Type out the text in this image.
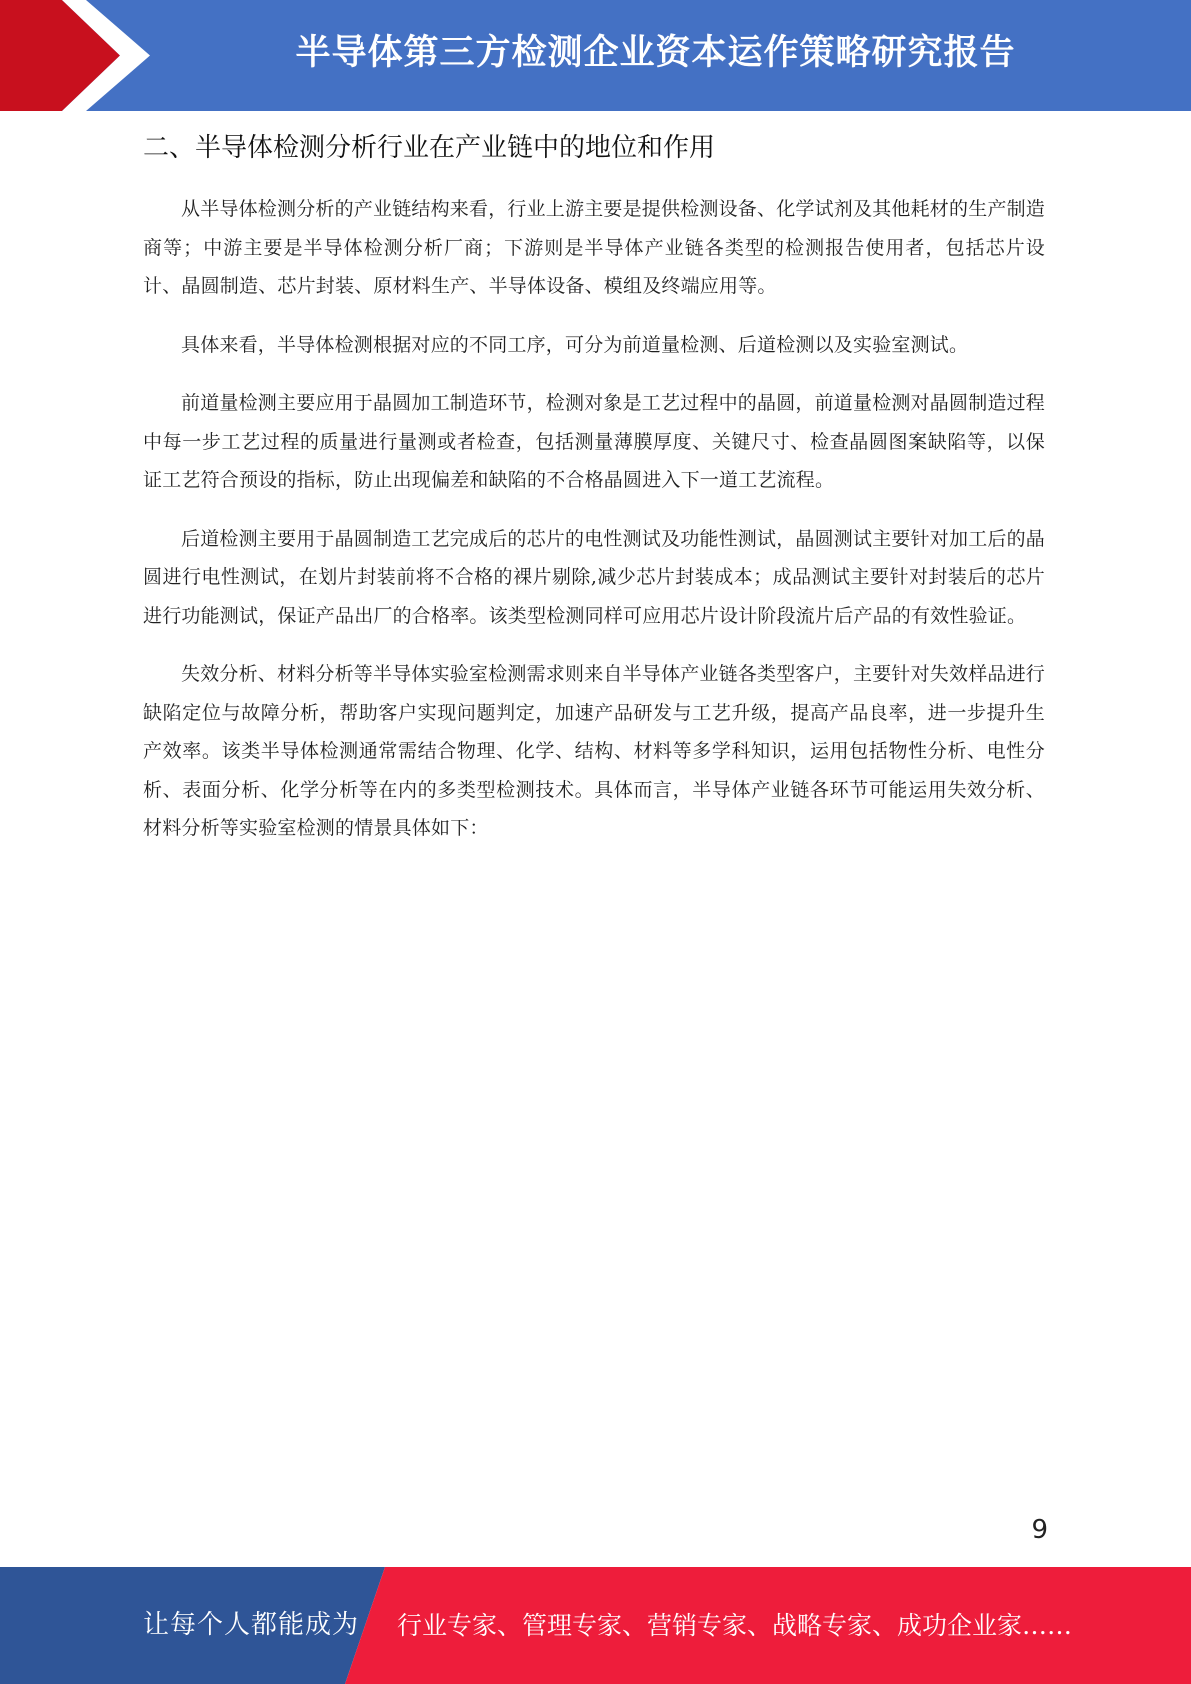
半导体第三方检测企业资本运作策略研究报告
二、半导体检测分析行业在产业链中的地位和作用

从半导体检测分析的产业链结构来看，行业上游主要是提供检测设备、化学试剂及其他耗材的生产制造商等；中游主要是半导体检测分析厂商；下游则是半导体产业链各类型的检测报告使用者，包括芯片设计、晶圆制造、芯片封装、原材料生产、半导体设备、模组及终端应用等。

具体来看，半导体检测根据对应的不同工序，可分为前道量检测、后道检测以及实验室测试。

前道量检测主要应用于晶圆加工制造环节，检测对象是工艺过程中的晶圆，前道量检测对晶圆制造过程中每一步工艺过程的质量进行量测或者检查，包括测量薄膜厚度、关键尺寸、检查晶圆图案缺陷等，以保证工艺符合预设的指标，防止出现偏差和缺陷的不合格晶圆进入下一道工艺流程。

后道检测主要用于晶圆制造工艺完成后的芯片的电性测试及功能性测试，晶圆测试主要针对加工后的晶圆进行电性测试，在划片封装前将不合格的裸片剔除,减少芯片封装成本；成品测试主要针对封装后的芯片进行功能测试，保证产品出厂的合格率。该类型检测同样可应用芯片设计阶段流片后产品的有效性验证。

失效分析、材料分析等半导体实验室检测需求则来自半导体产业链各类型客户，主要针对失效样品进行缺陷定位与故障分析，帮助客户实现问题判定，加速产品研发与工艺升级，提高产品良率，进一步提升生产效率。该类半导体检测通常需结合物理、化学、结构、材料等多学科知识，运用包括物性分析、电性分析、表面分析、化学分析等在内的多类型检测技术。具体而言，半导体产业链各环节可能运用失效分析、材料分析等实验室检测的情景具体如下：

9
让每个人都能成为 行业专家、管理专家、营销专家、战略专家、成功企业家……
